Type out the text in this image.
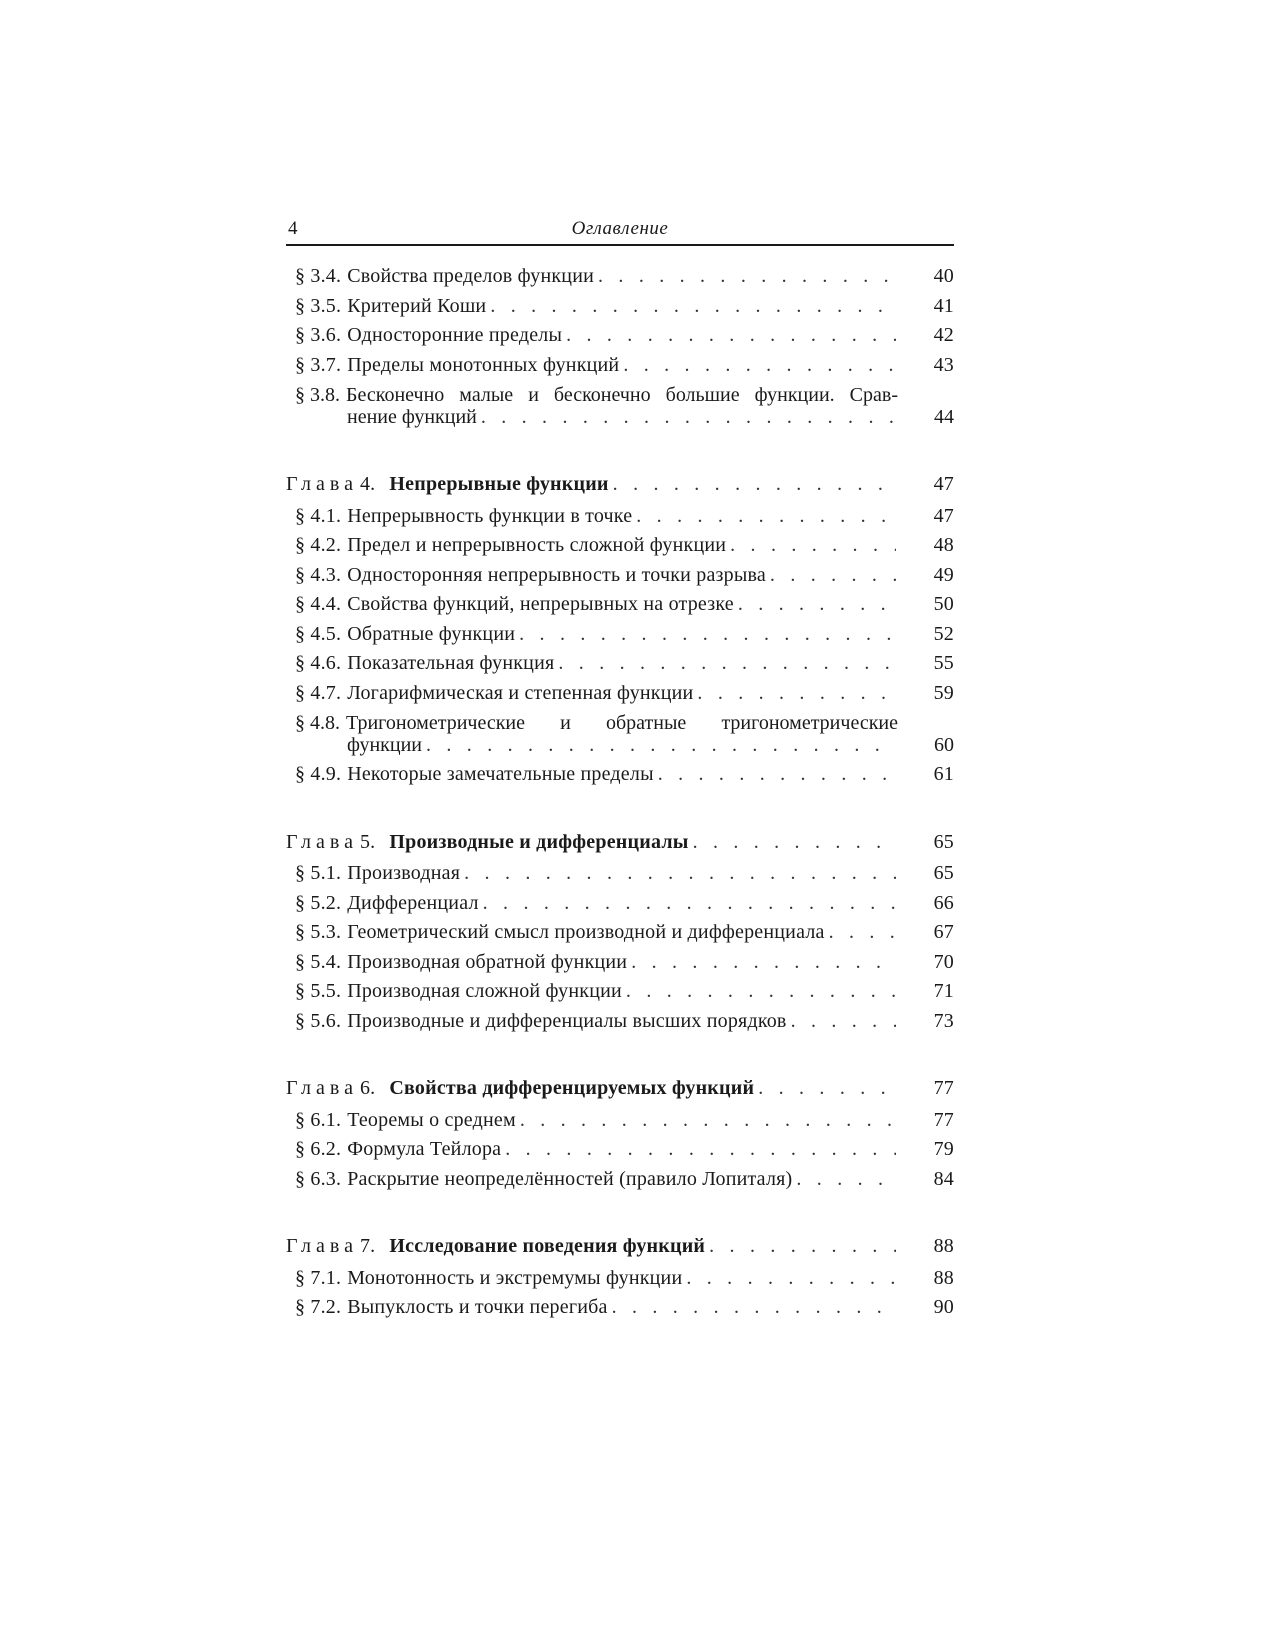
4	Оглавление
§ 3.4. Свойства пределов функции . . .	40
§ 3.5. Критерий Коши . . .	41
§ 3.6. Односторонние пределы . . .	42
§ 3.7. Пределы монотонных функций . . .	43
§ 3.8. Бесконечно малые и бесконечно большие функции. Срав-
нение функций . . .	44
Глава 4. Непрерывные функции . . .	47
§ 4.1. Непрерывность функции в точке . . .	47
§ 4.2. Предел и непрерывность сложной функции . . .	48
§ 4.3. Односторонняя непрерывность и точки разрыва . . .	49
§ 4.4. Свойства функций, непрерывных на отрезке . . .	50
§ 4.5. Обратные функции . . .	52
§ 4.6. Показательная функция . . .	55
§ 4.7. Логарифмическая и степенная функции . . .	59
§ 4.8. Тригонометрические и обратные тригонометрические
функции . . .	60
§ 4.9. Некоторые замечательные пределы . . .	61
Глава 5. Производные и дифференциалы . . .	65
§ 5.1. Производная . . .	65
§ 5.2. Дифференциал . . .	66
§ 5.3. Геометрический смысл производной и дифференциала . . .	67
§ 5.4. Производная обратной функции . . .	70
§ 5.5. Производная сложной функции . . .	71
§ 5.6. Производные и дифференциалы высших порядков . . .	73
Глава 6. Свойства дифференцируемых функций . . .	77
§ 6.1. Теоремы о среднем . . .	77
§ 6.2. Формула Тейлора . . .	79
§ 6.3. Раскрытие неопределённостей (правило Лопиталя) . . .	84
Глава 7. Исследование поведения функций . . .	88
§ 7.1. Монотонность и экстремумы функции . . .	88
§ 7.2. Выпуклость и точки перегиба . . .	90
